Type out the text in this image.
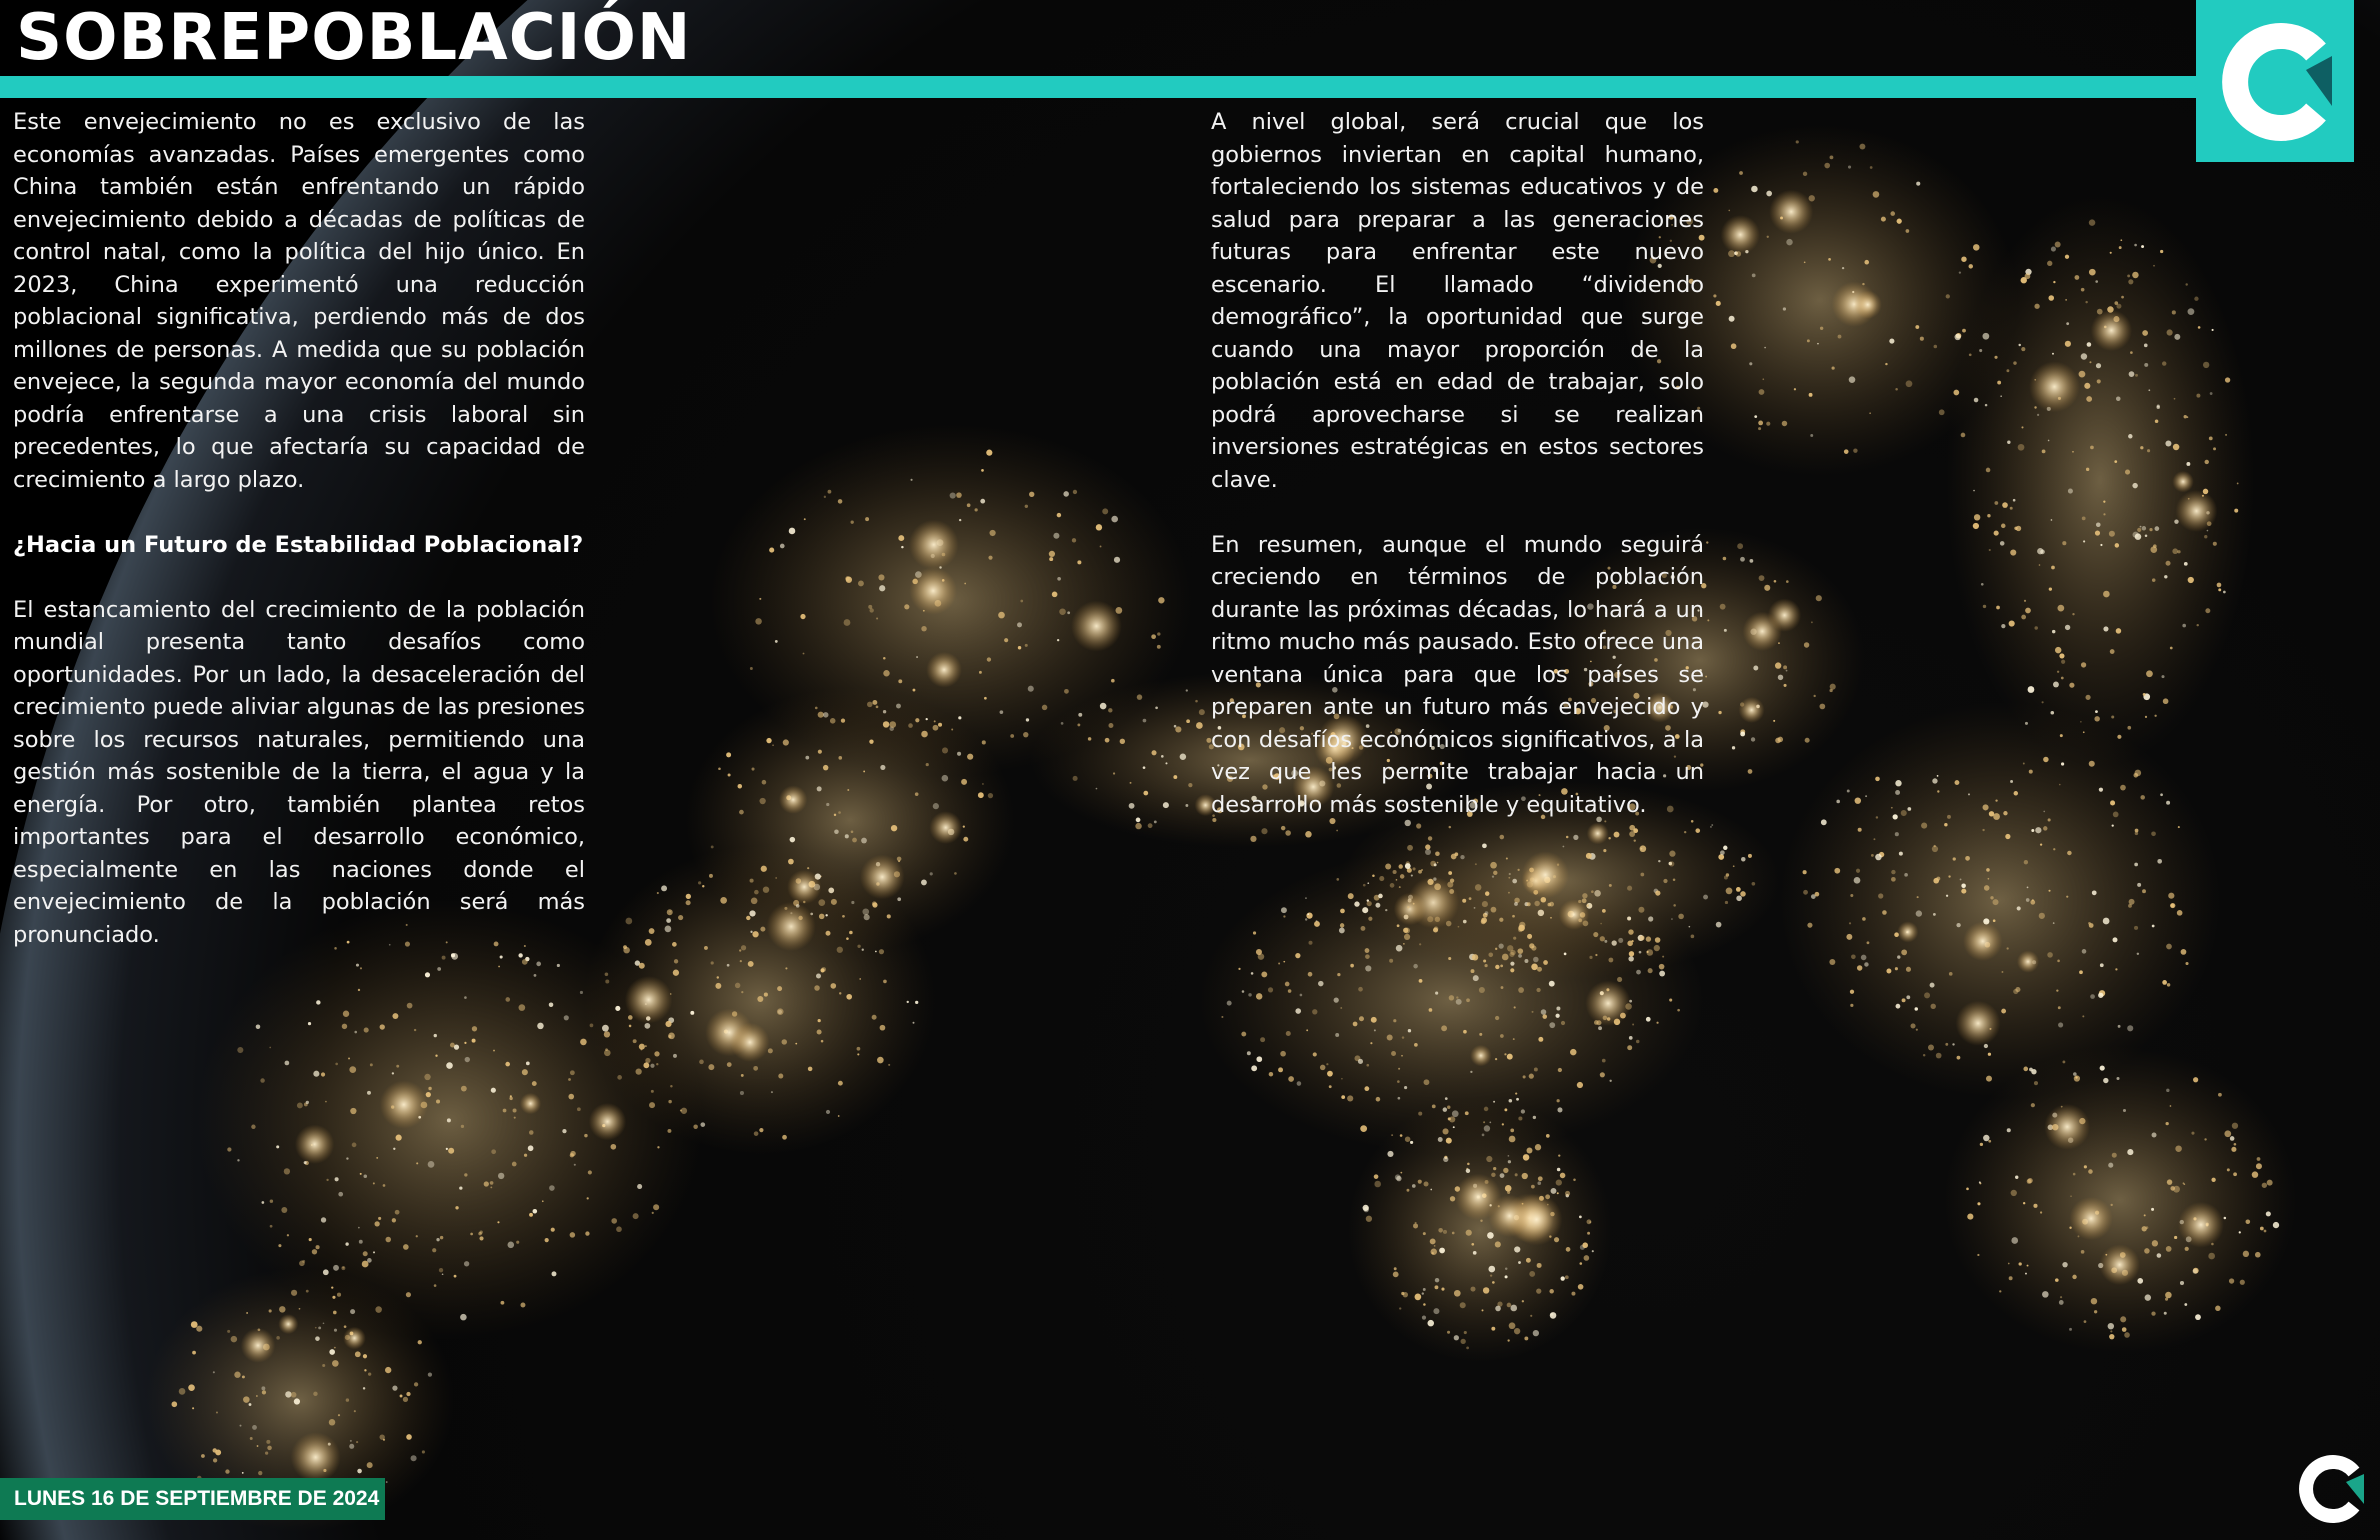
SOBREPOBLACIÓN

Este envejecimiento no es exclusivo de las economías avanzadas. Países emergentes como China también están enfrentando un rápido envejecimiento debido a décadas de políticas de control natal, como la política del hijo único. En 2023, China experimentó una reducción poblacional significativa, perdiendo más de dos millones de personas. A medida que su población envejece, la segunda mayor economía del mundo podría enfrentarse a una crisis laboral sin precedentes, lo que afectaría su capacidad de crecimiento a largo plazo.

¿Hacia un Futuro de Estabilidad Poblacional?

El estancamiento del crecimiento de la población mundial presenta tanto desafíos como oportunidades. Por un lado, la desaceleración del crecimiento puede aliviar algunas de las presiones sobre los recursos naturales, permitiendo una gestión más sostenible de la tierra, el agua y la energía. Por otro, también plantea retos importantes para el desarrollo económico, especialmente en las naciones donde el envejecimiento de la población será más pronunciado.

A nivel global, será crucial que los gobiernos inviertan en capital humano, fortaleciendo los sistemas educativos y de salud para preparar a las generaciones futuras para enfrentar este nuevo escenario. El llamado “dividendo demográfico”, la oportunidad que surge cuando una mayor proporción de la población está en edad de trabajar, solo podrá aprovecharse si se realizan inversiones estratégicas en estos sectores clave.

En resumen, aunque el mundo seguirá creciendo en términos de población durante las próximas décadas, lo hará a un ritmo mucho más pausado. Esto ofrece una ventana única para que los países se preparen ante un futuro más envejecido y con desafíos económicos significativos, a la vez que les permite trabajar hacia un desarrollo más sostenible y equitativo.

LUNES 16 DE SEPTIEMBRE DE 2024
